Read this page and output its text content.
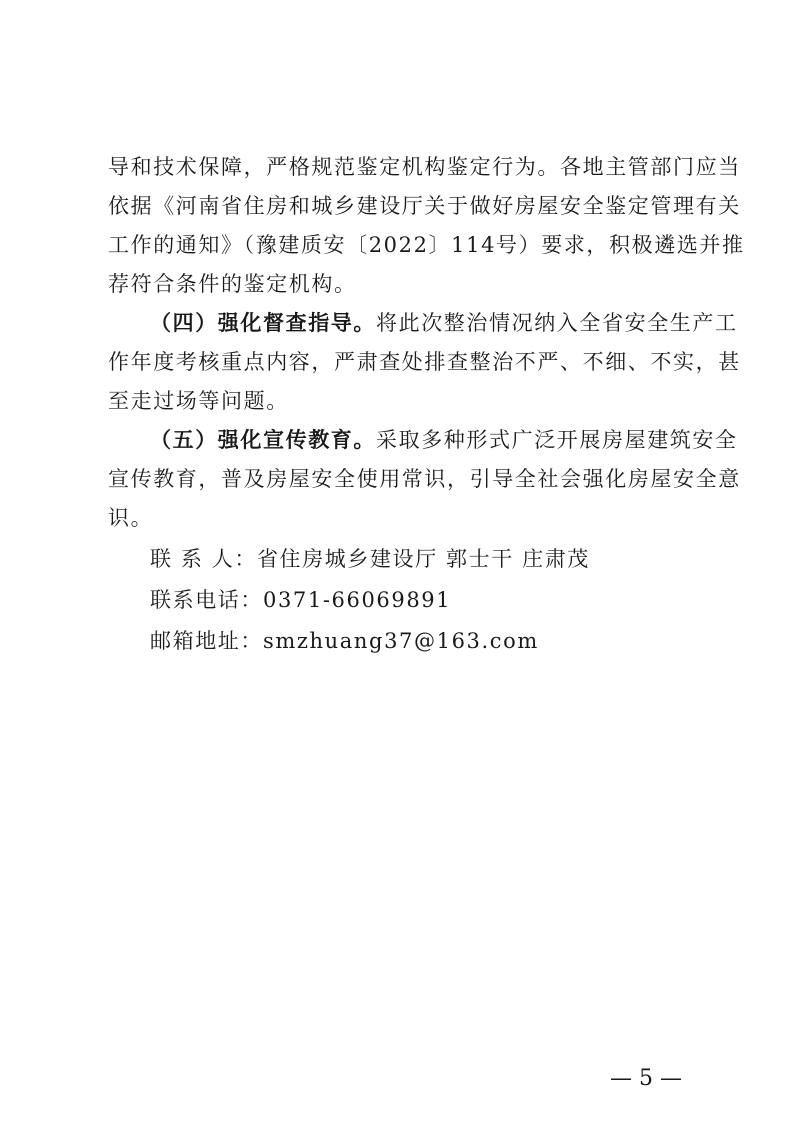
导和技术保障，严格规范鉴定机构鉴定行为。各地主管部门应当
依据《河南省住房和城乡建设厅关于做好房屋安全鉴定管理有关
工作的通知》（豫建质安〔2022〕114号）要求，积极遴选并推
荐符合条件的鉴定机构。
（四）强化督查指导。将此次整治情况纳入全省安全生产工
作年度考核重点内容，严肃查处排查整治不严、不细、不实，甚
至走过场等问题。
（五）强化宣传教育。采取多种形式广泛开展房屋建筑安全
宣传教育，普及房屋安全使用常识，引导全社会强化房屋安全意
识。
联 系 人：省住房城乡建设厅 郭士干 庄肃茂
联系电话：0371-66069891
邮箱地址：smzhuang37@163.com
— 5 —
